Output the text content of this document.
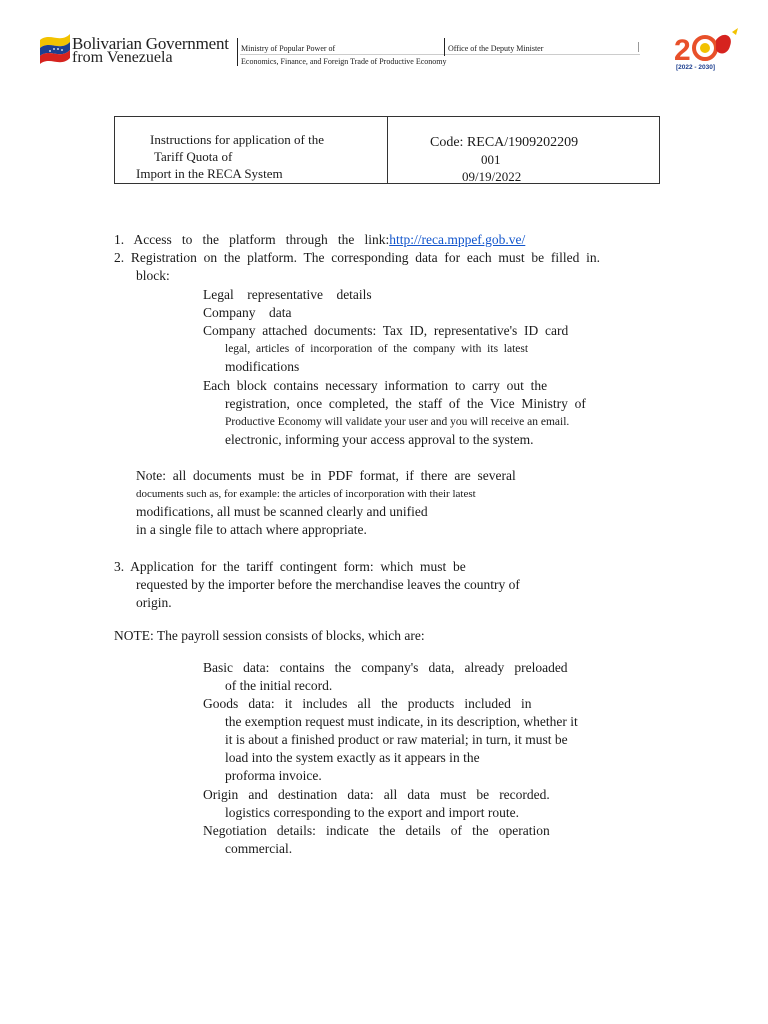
Bolivarian Government
from Venezuela
Ministry of Popular Power of
Economics, Finance, and Foreign Trade of Productive Economy
Office of the Deputy Minister	2
[2022 - 2030]
Instructions for application of the
Tariff Quota of
Import in the RECA System
Code: RECA/1909202209
001
09/19/2022
1.   Access   to   the   platform   through   the   link:http://reca.mppef.gob.ve/
2.  Registration  on  the  platform.  The  corresponding  data  for  each  must  be  filled  in.
block:
Legal    representative    details
Company    data
Company  attached  documents:  Tax  ID,  representative's  ID  card
legal,  articles  of  incorporation  of  the  company  with  its  latest
modifications
Each  block  contains  necessary  information  to  carry  out  the
registration,  once  completed,  the  staff  of  the  Vice  Ministry  of
Productive Economy will validate your user and you will receive an email.
electronic, informing your access approval to the system.
Note:  all  documents  must  be  in  PDF  format,  if  there  are  several
documents such as, for example: the articles of incorporation with their latest
modifications, all must be scanned clearly and unified
in a single file to attach where appropriate.
3.  Application  for  the  tariff  contingent  form:  which  must  be
requested by the importer before the merchandise leaves the country of
origin.
NOTE: The payroll session consists of blocks, which are:
Basic   data:   contains   the   company's   data,   already   preloaded
of the initial record.
Goods   data:   it   includes   all   the   products   included   in
the exemption request must indicate, in its description, whether it
it is about a finished product or raw material; in turn, it must be
load into the system exactly as it appears in the
proforma invoice.
Origin   and   destination   data:   all   data   must   be   recorded.
logistics corresponding to the export and import route.
Negotiation   details:   indicate   the   details   of   the   operation
commercial.
